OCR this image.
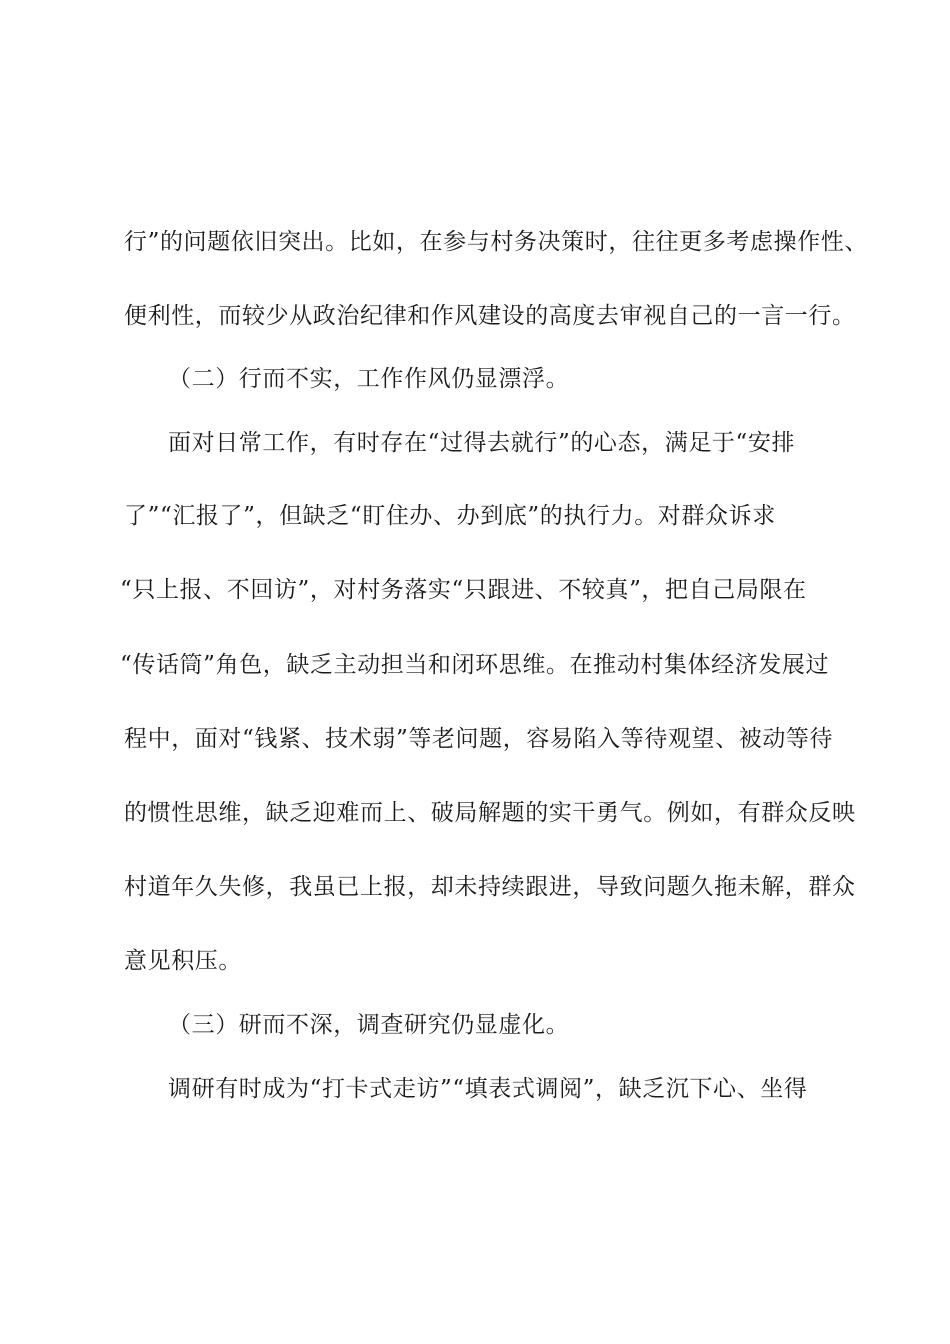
行”的问题依旧突出。比如，在参与村务决策时，往往更多考虑操作性、
便利性，而较少从政治纪律和作风建设的高度去审视自己的一言一行。
（二）行而不实，工作作风仍显漂浮。
面对日常工作，有时存在“过得去就行”的心态，满足于“安排
了”“汇报了”，但缺乏“盯住办、办到底”的执行力。对群众诉求
“只上报、不回访”，对村务落实“只跟进、不较真”，把自己局限在
“传话筒”角色，缺乏主动担当和闭环思维。在推动村集体经济发展过
程中，面对“钱紧、技术弱”等老问题，容易陷入等待观望、被动等待
的惯性思维，缺乏迎难而上、破局解题的实干勇气。例如，有群众反映
村道年久失修，我虽已上报，却未持续跟进，导致问题久拖未解，群众
意见积压。
（三）研而不深，调查研究仍显虚化。
调研有时成为“打卡式走访”“填表式调阅”，缺乏沉下心、坐得
